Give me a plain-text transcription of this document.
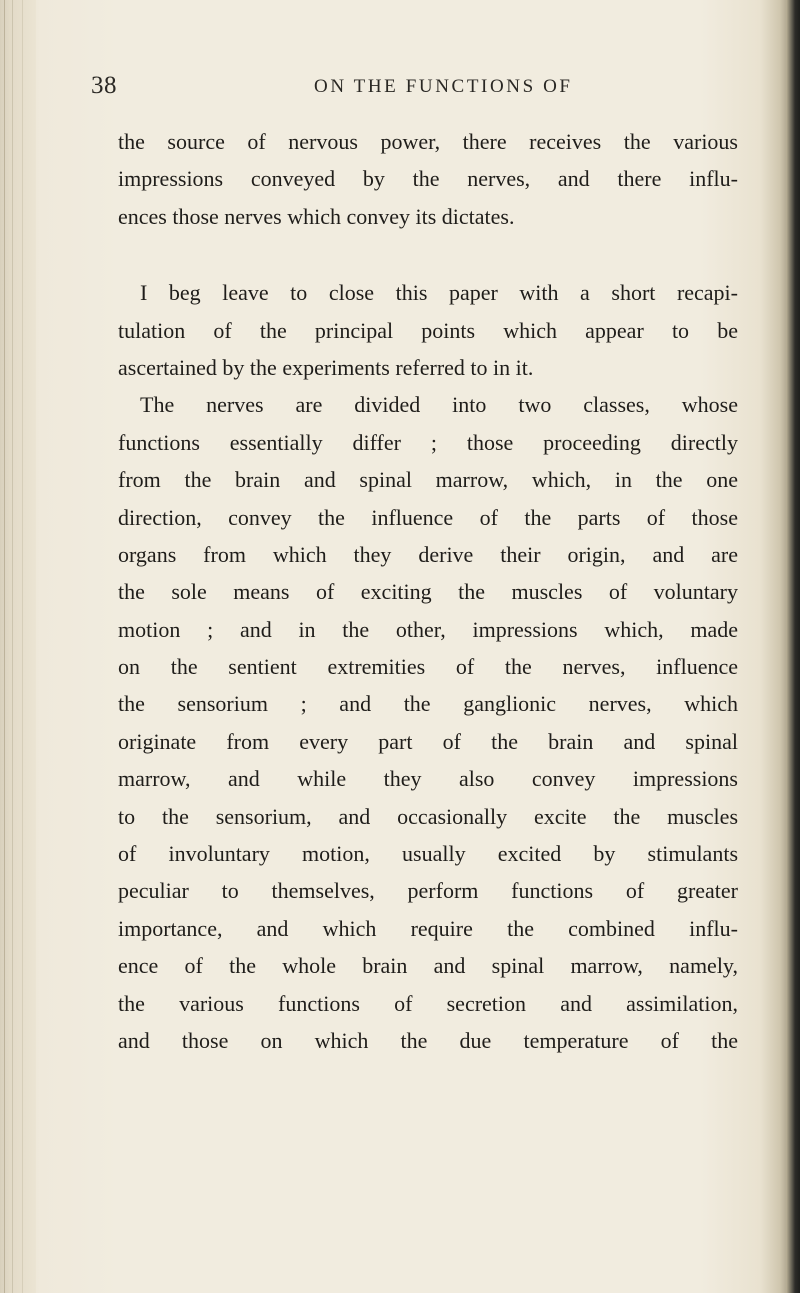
38	ON THE FUNCTIONS OF
the source of nervous power, there receives the various
impressions conveyed by the nerves, and there influ-
ences those nerves which convey its dictates.
I beg leave to close this paper with a short recapi-
tulation of the principal points which appear to be
ascertained by the experiments referred to in it.
The nerves are divided into two classes, whose
functions essentially differ ; those proceeding directly
from the brain and spinal marrow, which, in the one
direction, convey the influence of the parts of those
organs from which they derive their origin, and are
the sole means of exciting the muscles of voluntary
motion ; and in the other, impressions which, made
on the sentient extremities of the nerves, influence
the sensorium ; and the ganglionic nerves, which
originate from every part of the brain and spinal
marrow, and while they also convey impressions
to the sensorium, and occasionally excite the muscles
of involuntary motion, usually excited by stimulants
peculiar to themselves, perform functions of greater
importance, and which require the combined influ-
ence of the whole brain and spinal marrow, namely,
the various functions of secretion and assimilation,
and those on which the due temperature of the
